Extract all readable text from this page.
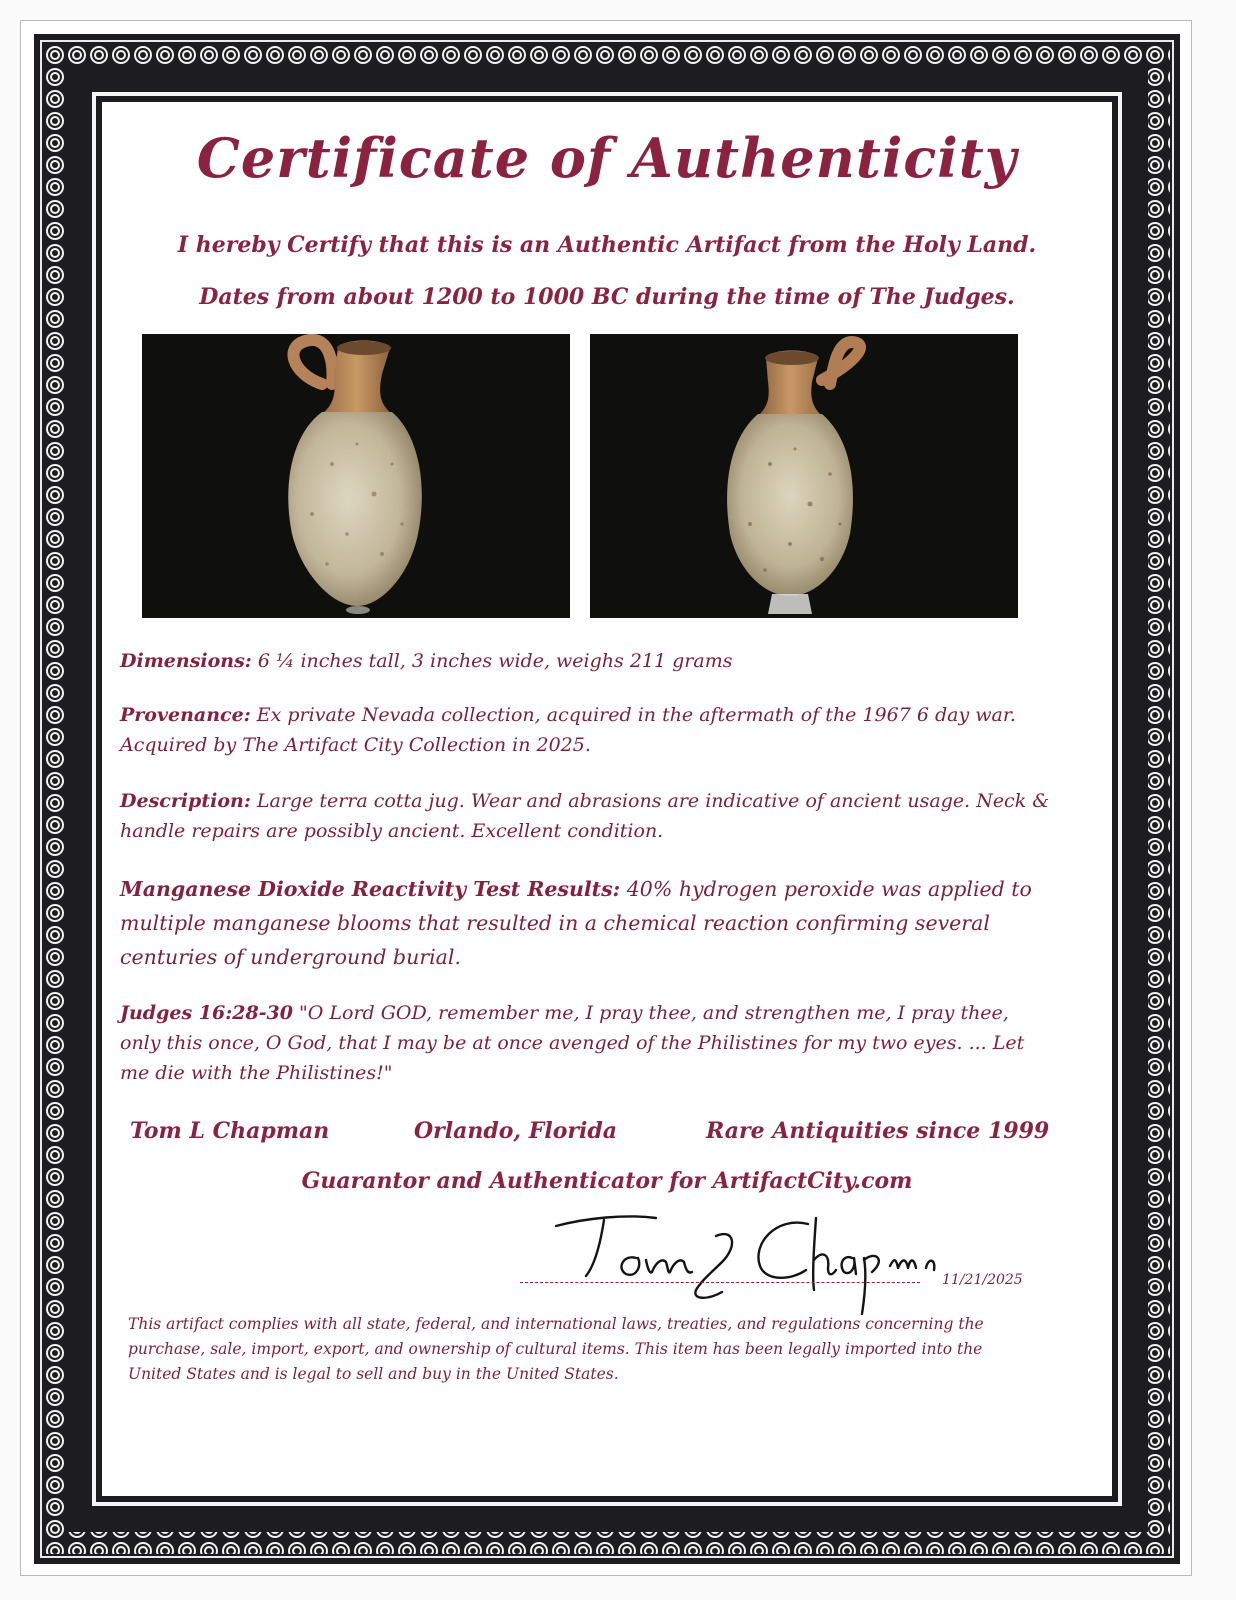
Certificate of Authenticity
I hereby Certify that this is an Authentic Artifact from the Holy Land.
Dates from about 1200 to 1000 BC during the time of The Judges.

Dimensions: 6 ¼ inches tall, 3 inches wide, weighs 211 grams

Provenance: Ex private Nevada collection, acquired in the aftermath of the 1967 6 day war. Acquired by The Artifact City Collection in 2025.

Description: Large terra cotta jug. Wear and abrasions are indicative of ancient usage. Neck & handle repairs are possibly ancient. Excellent condition.

Manganese Dioxide Reactivity Test Results: 40% hydrogen peroxide was applied to multiple manganese blooms that resulted in a chemical reaction confirming several centuries of underground burial.

Judges 16:28-30 "O Lord GOD, remember me, I pray thee, and strengthen me, I pray thee, only this once, O God, that I may be at once avenged of the Philistines for my two eyes. ... Let me die with the Philistines!"

Tom L Chapman	Orlando, Florida	Rare Antiquities since 1999
Guarantor and Authenticator for ArtifactCity.com
11/21/2025

This artifact complies with all state, federal, and international laws, treaties, and regulations concerning the purchase, sale, import, export, and ownership of cultural items. This item has been legally imported into the United States and is legal to sell and buy in the United States.
